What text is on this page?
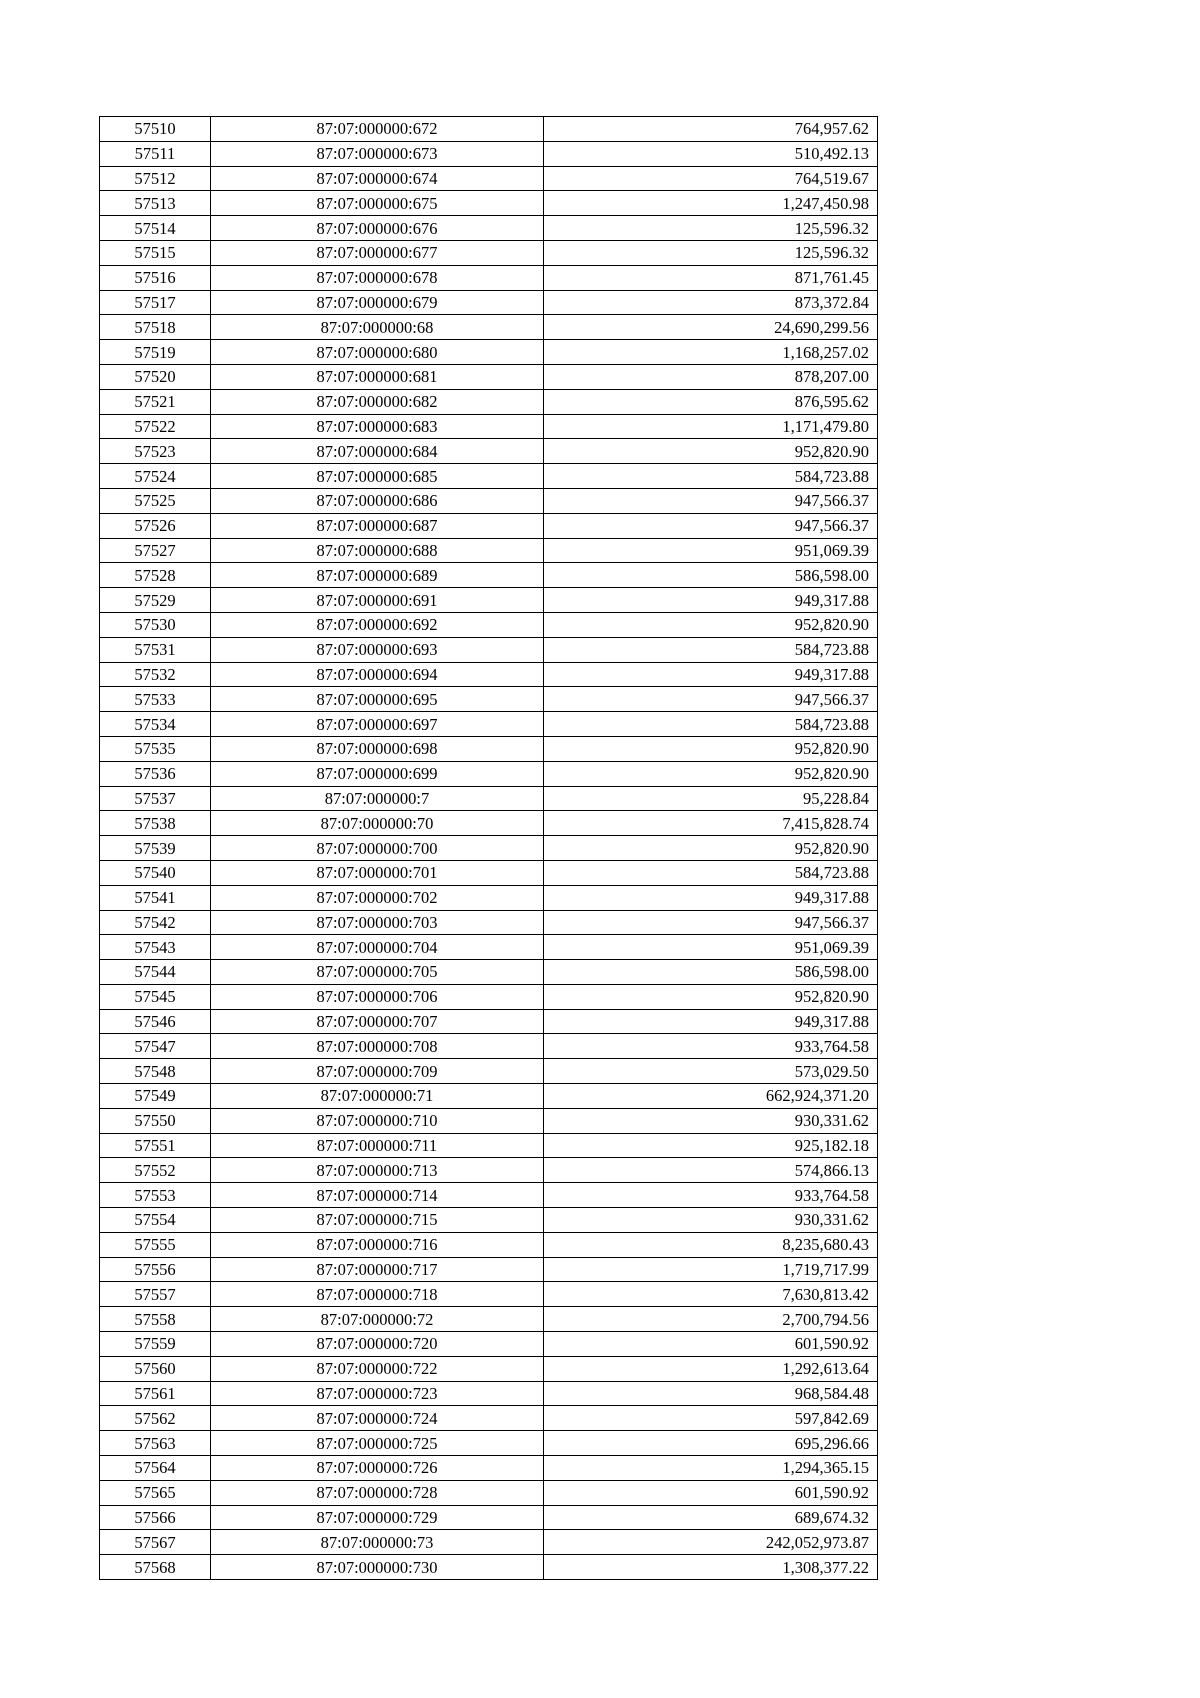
57510	87:07:000000:672	764,957.62
57511	87:07:000000:673	510,492.13
57512	87:07:000000:674	764,519.67
57513	87:07:000000:675	1,247,450.98
57514	87:07:000000:676	125,596.32
57515	87:07:000000:677	125,596.32
57516	87:07:000000:678	871,761.45
57517	87:07:000000:679	873,372.84
57518	87:07:000000:68	24,690,299.56
57519	87:07:000000:680	1,168,257.02
57520	87:07:000000:681	878,207.00
57521	87:07:000000:682	876,595.62
57522	87:07:000000:683	1,171,479.80
57523	87:07:000000:684	952,820.90
57524	87:07:000000:685	584,723.88
57525	87:07:000000:686	947,566.37
57526	87:07:000000:687	947,566.37
57527	87:07:000000:688	951,069.39
57528	87:07:000000:689	586,598.00
57529	87:07:000000:691	949,317.88
57530	87:07:000000:692	952,820.90
57531	87:07:000000:693	584,723.88
57532	87:07:000000:694	949,317.88
57533	87:07:000000:695	947,566.37
57534	87:07:000000:697	584,723.88
57535	87:07:000000:698	952,820.90
57536	87:07:000000:699	952,820.90
57537	87:07:000000:7	95,228.84
57538	87:07:000000:70	7,415,828.74
57539	87:07:000000:700	952,820.90
57540	87:07:000000:701	584,723.88
57541	87:07:000000:702	949,317.88
57542	87:07:000000:703	947,566.37
57543	87:07:000000:704	951,069.39
57544	87:07:000000:705	586,598.00
57545	87:07:000000:706	952,820.90
57546	87:07:000000:707	949,317.88
57547	87:07:000000:708	933,764.58
57548	87:07:000000:709	573,029.50
57549	87:07:000000:71	662,924,371.20
57550	87:07:000000:710	930,331.62
57551	87:07:000000:711	925,182.18
57552	87:07:000000:713	574,866.13
57553	87:07:000000:714	933,764.58
57554	87:07:000000:715	930,331.62
57555	87:07:000000:716	8,235,680.43
57556	87:07:000000:717	1,719,717.99
57557	87:07:000000:718	7,630,813.42
57558	87:07:000000:72	2,700,794.56
57559	87:07:000000:720	601,590.92
57560	87:07:000000:722	1,292,613.64
57561	87:07:000000:723	968,584.48
57562	87:07:000000:724	597,842.69
57563	87:07:000000:725	695,296.66
57564	87:07:000000:726	1,294,365.15
57565	87:07:000000:728	601,590.92
57566	87:07:000000:729	689,674.32
57567	87:07:000000:73	242,052,973.87
57568	87:07:000000:730	1,308,377.22
